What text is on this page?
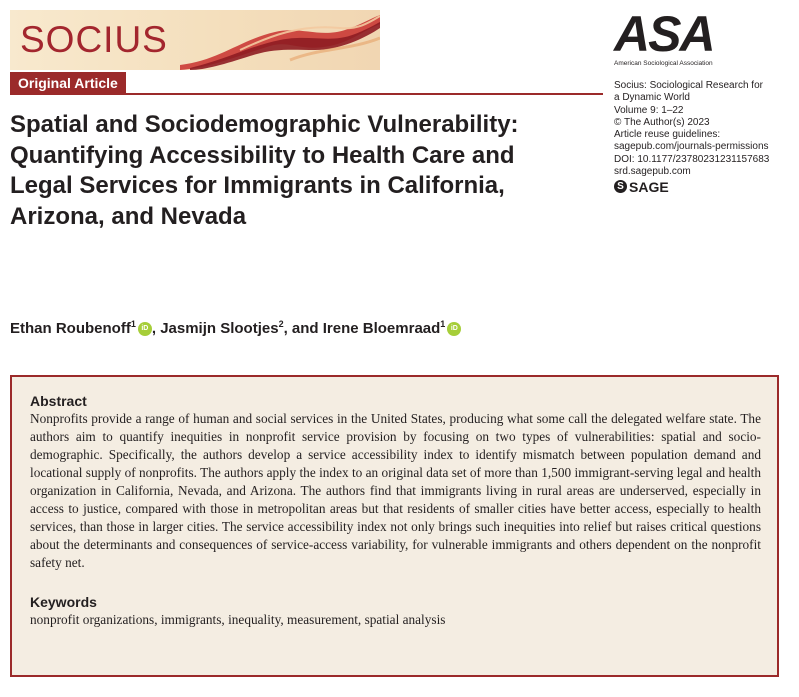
SOCIUS
Original Article
ASA
American Sociological Association
Socius: Sociological Research for
a Dynamic World
Volume 9: 1–22
© The Author(s) 2023
Article reuse guidelines:
sagepub.com/journals-permissions
DOI: 10.1177/23780231231157683
srd.sagepub.com
S SAGE
Spatial and Sociodemographic Vulnerability: Quantifying Accessibility to Health Care and Legal Services for Immigrants in California, Arizona, and Nevada
Ethan Roubenoff$^1$ iD , Jasmijn Slootjes$^2$, and Irene Bloemraad$^1$ iD
Abstract

Nonprofits provide a range of human and social services in the United States, producing what some call the delegated welfare state. The authors aim to quantify inequities in nonprofit service provision by focusing on two types of vulnerabilities: spatial and socio-demographic. Specifically, the authors develop a service accessibility index to identify mismatch between population demand and locational supply of nonprofits. The authors apply the index to an original data set of more than 1,500 immigrant-serving legal and health organization in California, Nevada, and Arizona. The authors find that immigrants living in rural areas are underserved, especially in access to justice, compared with those in metropolitan areas but that residents of smaller cities have better access, especially to health services, than those in larger cities. The service accessibility index not only brings such inequities into relief but raises critical questions about the determinants and consequences of service-access variability, for vulnerable immigrants and others dependent on the nonprofit safety net.

Keywords

nonprofit organizations, immigrants, inequality, measurement, spatial analysis
